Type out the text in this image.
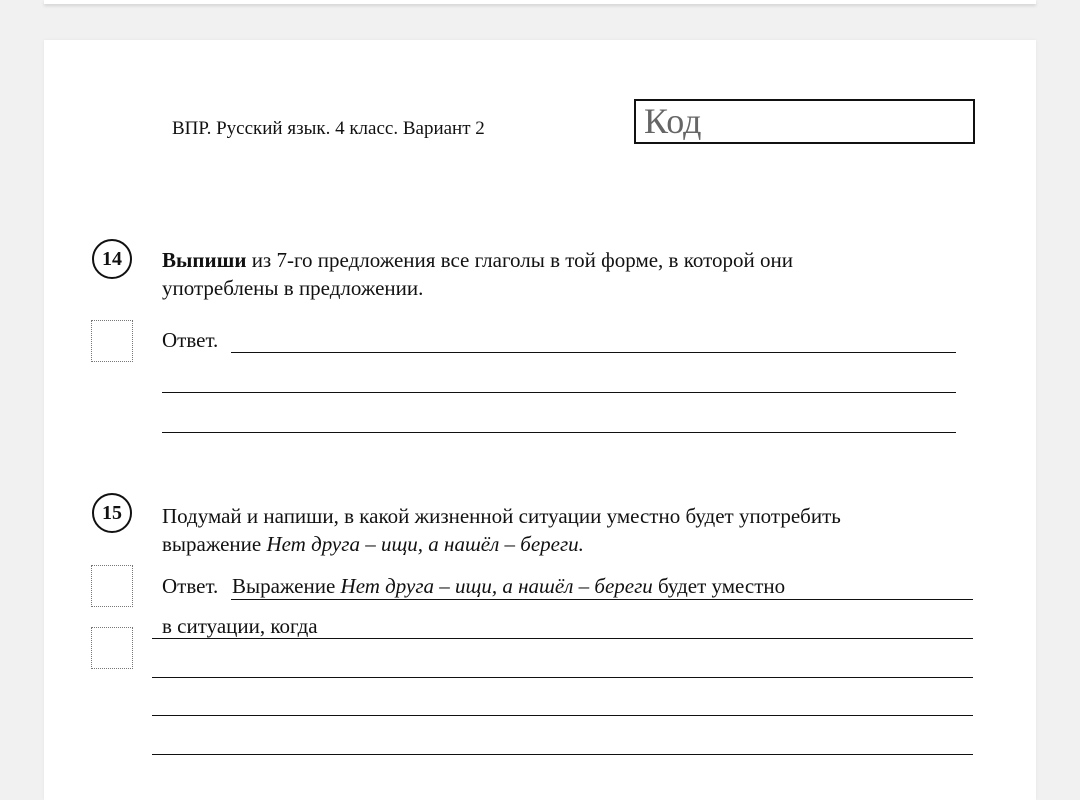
ВПР. Русский язык. 4 класс. Вариант 2	Код
14	Выпиши из 7-го предложения все глаголы в той форме, в которой они
употреблены в предложении.
Ответ.
15	Подумай и напиши, в какой жизненной ситуации уместно будет употребить
выражение Нет друга – ищи, а нашёл – береги.
Ответ. Выражение Нет друга – ищи, а нашёл – береги будет уместно
в ситуации, когда
